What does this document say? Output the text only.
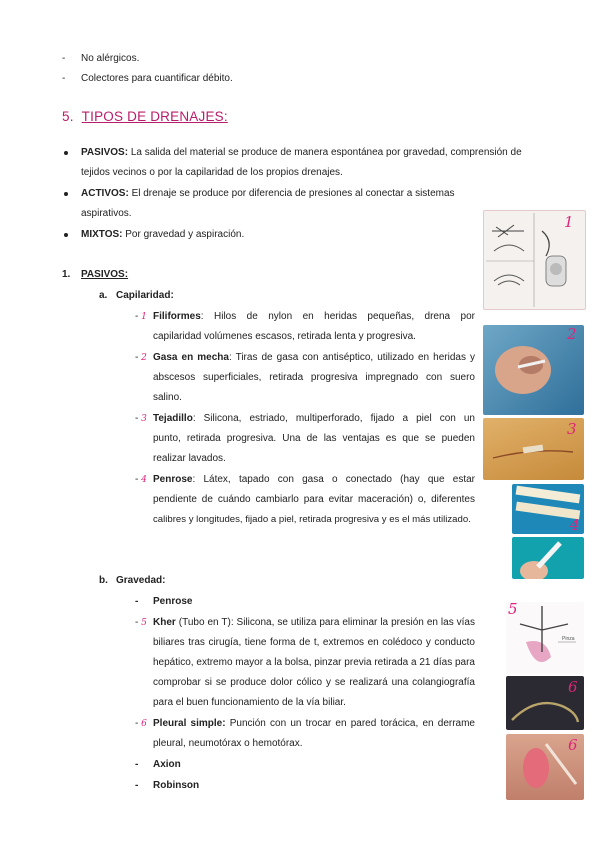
- No alérgicos.
- Colectores para cuantificar débito.
5. TIPOS DE DRENAJES:
PASIVOS: La salida del material se produce de manera espontánea por gravedad, comprensión de
tejidos vecinos o por la capilaridad de los propios drenajes.
ACTIVOS: El drenaje se produce por diferencia de presiones al conectar a sistemas
aspirativos.
MIXTOS: Por gravedad y aspiración.
1. PASIVOS:
a. Capilaridad:
- 1 Filiformes: Hilos de nylon en heridas pequeñas, drena por
capilaridad volúmenes escasos, retirada lenta y progresiva.
- 2 Gasa en mecha: Tiras de gasa con antiséptico, utilizado en heridas y
abscesos superficiales, retirada progresiva impregnado con suero
salino.
- 3 Tejadillo: Silicona, estriado, multiperforado, fijado a piel con un
punto, retirada progresiva. Una de las ventajas es que se pueden
realizar lavados.
- 4 Penrose: Látex, tapado con gasa o conectado (hay que estar
pendiente de cuándo cambiarlo para evitar maceración) o, diferentes
calibres y longitudes, fijado a piel, retirada progresiva y es el más utilizado.
b. Gravedad:
- Penrose
- 5 Kher (Tubo en T): Silicona, se utiliza para eliminar la presión en las vías
biliares tras cirugía, tiene forma de t, extremos en colédoco y conducto
hepático, extremo mayor a la bolsa, pinzar previa retirada a 21 días para
comprobar si se produce dolor cólico y se realizará una colangiografía
para el buen funcionamiento de la vía biliar.
- 6 Pleural simple: Punción con un trocar en pared torácica, en derrame
pleural, neumotórax o hemotórax.
- Axion
- Robinson
1
2
3
4
Pinza
5
6
6
